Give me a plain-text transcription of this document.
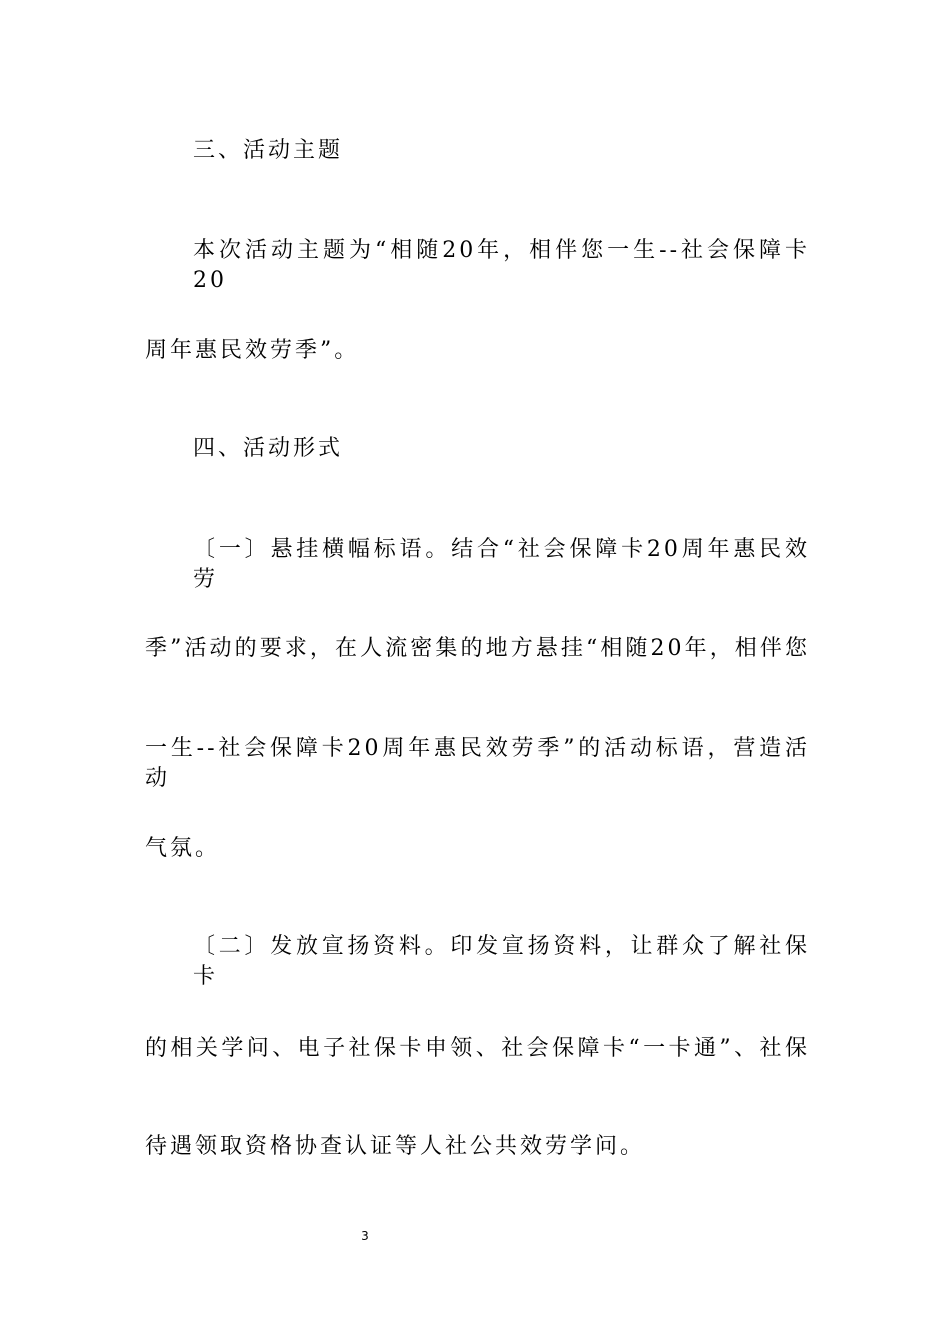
三、活动主题
本次活动主题为“相随20年，相伴您一生--社会保障卡20
周年惠民效劳季”。
四、活动形式
〔一〕悬挂横幅标语。结合“社会保障卡20周年惠民效劳
季”活动的要求，在人流密集的地方悬挂“相随20年，相伴您
一生--社会保障卡20周年惠民效劳季”的活动标语，营造活动
气氛。
〔二〕发放宣扬资料。印发宣扬资料，让群众了解社保卡
的相关学问、电子社保卡申领、社会保障卡“一卡通”、社保
待遇领取资格协查认证等人社公共效劳学问。
3
